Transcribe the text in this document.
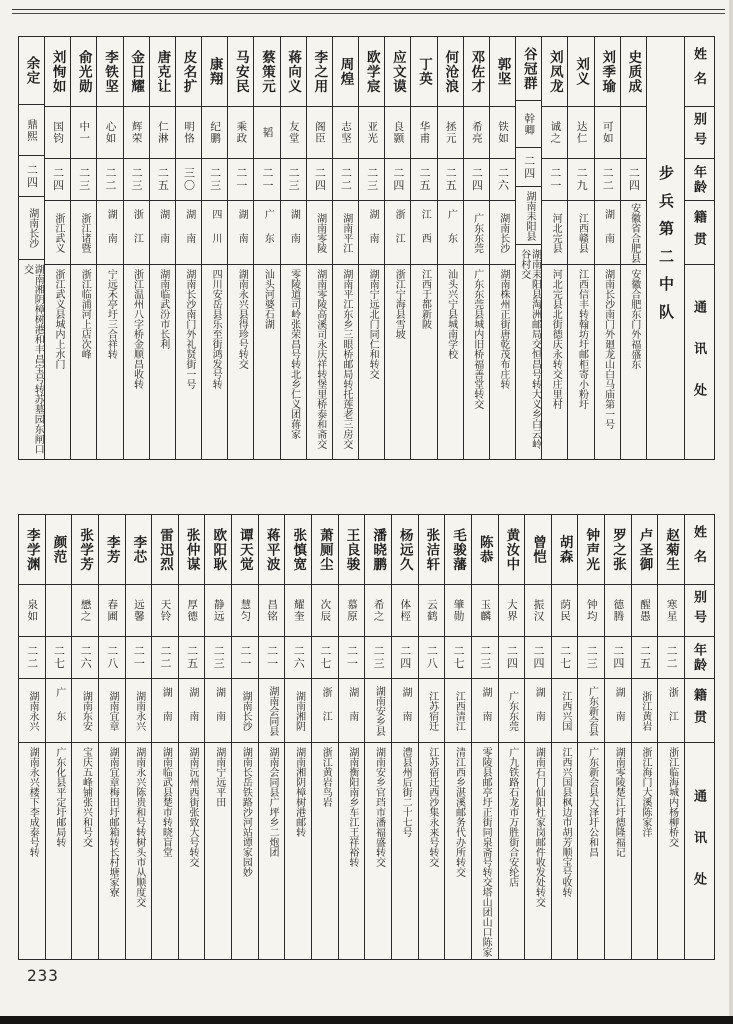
姓名
别号
年龄
籍贯
通讯处
步兵第二中队
史质成
二四
安徽省合肥县
安徽合肥东门外福盛东
刘季瑜
可如
二二
湖南
湖南长沙南门外廻龙山白马庙第一号
刘义
达仁
二九
江西赣县
江西信丰转翰坊圩邮柜寄小粉圩
刘凤龙
诚之
二一
河北完县
河北完县北街德庆永转交庄里村
谷冠群
幹卿
二四
湖南耒阳县
湖南耒阳县淘洲邮局交恒昌号转大义乡白云岭谷村交
郭坚
铁如
二六
湖南长沙
湖南株州正街唐乾茂布庄转
邓佐才
希亮
二四
广东东莞
广东东莞县城内旧桥福善堂转交
何沧浪
拯元
二五
广东
汕头兴宁县城南学校
丁英
华甫
二五
江西
江西于都新陂
应文谟
良颢
二四
浙江
浙江宁海县雪坡
欧学宸
亚光
二三
湖南
湖南宁远北门同仁和转交
周煌
志坚
二二
湖南平江
湖南平江东乡三眼桥邮局转托莲老三房交
李之用
阁臣
二四
湖南零陵
湖南零陵高溪司永庆祥转堡里桥泰和斋交
蒋向义
友堂
二三
湖南
零陵道司岭张荣昌号转北乡仁义团蒋家
蔡策元
韬
二一
广东
汕头河婆石湖
马安民
乘政
二一
湖南
湖南永兴县得珍号转交
康翔
纪鹏
二三
四川
四川安岳县乐至街鸿发号转
皮名扩
明恪
三〇
湖南
湖南长沙南门外礼贤街一号
唐克让
仁淋
二五
湖南
湖南临武汾市长利
金日耀
辉荣
二三
浙江
浙江温州八字桥金顺昌收转
李铁坚
心如
二二
湖南
宁远禾亭圩三合祥转
俞光勋
中一
二三
浙江诸暨
浙江临浦河上店次峰
刘恂如
国钧
二四
浙江武义
浙江武义县城内上水门
余定
鼎熙
二四
湖南长沙
湖南湘阴樟树港和丰昌宝号转苏墓园东闸口交
姓名
别号
年龄
籍贯
通讯处
赵菊生
寒星
二二
浙江
浙江临海城内杨柳桥交
卢圣御
醒愚
二五
浙江黄岩
浙江海门大溪陈家洋
罗之张
德腾
二四
湖南
湖南零陵楚江圩德隆福记
钟声光
钟均
二三
广东新会县
广东新会县大泽圩公和昌
胡森
荫民
二七
江西兴国
江西兴国县枫边市胡芳顺宝号收转
曾恺
振汉
二四
湖南
湖南石门仙阳杜家岗邮件收发处转交
黄汝中
大界
二四
广东东莞
广九铁路石龙市万胜街合安纶店
陈恭
玉麟
二三
湖南
零陵县邮亭圩正街同泉斋号转交塔山团山口陈家
毛骏藩
肇勋
二七
江西清江
清江西乡湛溪邮务代办所转交
张洁轩
云鹤
二八
江苏宿迁
江苏宿迁西沙集永来号转交
杨远久
体桱
二四
湖南
澧县州后街二十七号
潘晓鹏
希之
二三
湖南安乡县
湖南安乡官珰市潘福盛转交
王良骏
慕原
二一
湖南
湖南衡阳南乡车江王祥裕转
萧厕尘
次辰
二七
浙江
浙江黄岩鸟岩
张慎宽
耀奎
二六
湖南湘阴
湖南湘阴樟树港邮转
蒋平波
昌铭
二一
湖南会同县
湖南会同县广坪乡二炮团
谭天觉
慧匀
二一
湖南长沙
湖南长岳铁路沙河站谭家园妙
欧阳耿
静远
二三
湖南
湖南宁远平田
张仲谋
厚德
二五
湖南
湖南沅州西街张致大号转交
雷迅烈
天铃
二二
湖南
湖南临武县楚市转晓盲堂
李芯
远馨
二一
湖南永兴
湖南永兴陈贵和号转树头市从顺度交
李芳
春圃
二八
湖南宜章
湖南宜章梅田圩邮箱转长村塘家寮
张学芳
懋之
二六
湖南东安
宝庆五峰铺张兴和号交
颜范
二七
广东
广东化县平定圩邮局转
李学渊
泉如
二二
湖南永兴
湖南永兴楼下李成泰号转
233
